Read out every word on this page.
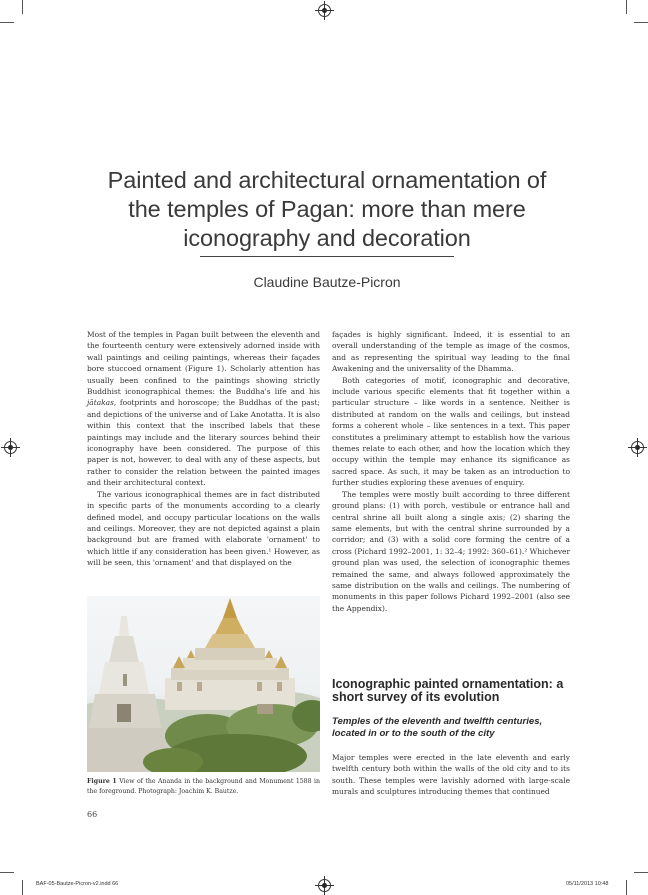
Painted and architectural ornamentation of the temples of Pagan: more than mere iconography and decoration
Claudine Bautze-Picron

Most of the temples in Pagan built between the eleventh and the fourteenth century were extensively adorned inside with wall paintings and ceiling paintings, whereas their façades bore stuccoed ornament (Figure 1). Scholarly attention has usually been confined to the paintings showing strictly Buddhist iconographical themes: the Buddha's life and his jātakas, footprints and horoscope; the Buddhas of the past; and depictions of the universe and of Lake Anotatta. It is also within this context that the inscribed labels that these paintings may include and the literary sources behind their iconography have been considered. The purpose of this paper is not, however, to deal with any of these aspects, but rather to consider the relation between the painted images and their architectural context.

The various iconographical themes are in fact distributed in specific parts of the monuments according to a clearly defined model, and occupy particular locations on the walls and ceilings. Moreover, they are not depicted against a plain background but are framed with elaborate 'ornament' to which little if any consideration has been given.¹ However, as will be seen, this 'ornament' and that displayed on the

façades is highly significant. Indeed, it is essential to an overall understanding of the temple as image of the cosmos, and as representing the spiritual way leading to the final Awakening and the universality of the Dhamma.

Both categories of motif, iconographic and decorative, include various specific elements that fit together within a particular structure – like words in a sentence. Neither is distributed at random on the walls and ceilings, but instead forms a coherent whole – like sentences in a text. This paper constitutes a preliminary attempt to establish how the various themes relate to each other, and how the location which they occupy within the temple may enhance its significance as sacred space. As such, it may be taken as an introduction to further studies exploring these avenues of enquiry.

The temples were mostly built according to three different ground plans: (1) with porch, vestibule or entrance hall and central shrine all built along a single axis; (2) sharing the same elements, but with the central shrine surrounded by a corridor; and (3) with a solid core forming the centre of a cross (Pichard 1992–2001, 1: 32–4; 1992: 360–61).² Whichever ground plan was used, the selection of iconographic themes remained the same, and always followed approximately the same distribution on the walls and ceilings. The numbering of monuments in this paper follows Pichard 1992–2001 (also see the Appendix).

Iconographic painted ornamentation: a short survey of its evolution
Temples of the eleventh and twelfth centuries, located in or to the south of the city

Major temples were erected in the late eleventh and early twelfth century both within the walls of the old city and to its south. These temples were lavishly adorned with large-scale murals and sculptures introducing themes that continued

Figure 1 View of the Ananda in the background and Monument 1588 in the foreground. Photograph: Joachim K. Bautze.
66
BAF-05-Bautze-Picron-v2.indd 66	05/11/2013 10:48
